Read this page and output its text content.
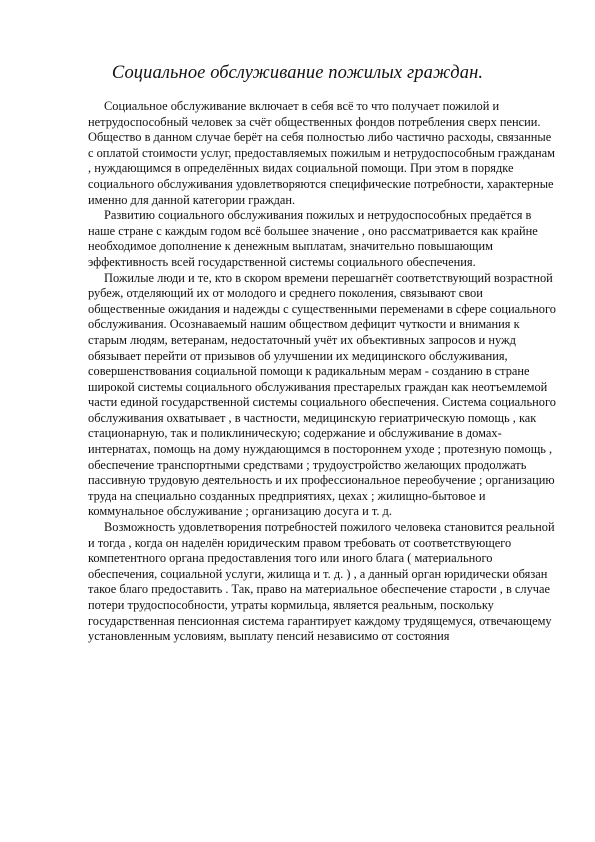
Социальное обслуживание пожилых граждан.

Социальное обслуживание включает в себя всё то что получает пожилой и нетрудоспособный человек за счёт общественных фондов потребления сверх пенсии. Общество в данном случае берёт на себя полностью либо частично расходы, связанные с оплатой стоимости услуг, предоставляемых пожилым и нетрудоспособным гражданам , нуждающимся в определённых видах социальной помощи. При этом в порядке социального обслуживания удовлетворяются специфические потребности, характерные именно для данной категории граждан.

Развитию социального обслуживания пожилых и нетрудоспособных предаётся в наше стране с каждым годом всё большее значение , оно рассматривается как крайне необходимое дополнение к денежным выплатам, значительно повышающим эффективность всей государственной системы социального обеспечения.

Пожилые люди и те, кто в скором времени перешагнёт соответствующий возрастной рубеж, отделяющий их от молодого и среднего поколения, связывают свои общественные ожидания и надежды с существенными переменами в сфере социального обслуживания. Осознаваемый нашим обществом дефицит чуткости и внимания к старым людям, ветеранам, недостаточный учёт их объективных запросов и нужд обязывает перейти от призывов об улучшении их медицинского обслуживания, совершенствования социальной помощи к радикальным мерам - созданию в стране широкой системы социального обслуживания престарелых граждан как неотъемлемой части единой государственной системы социального обеспечения. Система социального обслуживания охватывает , в частности, медицинскую гериатрическую помощь , как стационарную, так и поликлиническую; содержание и обслуживание в домах-интернатах, помощь на дому нуждающимся в постороннем уходе ; протезную помощь , обеспечение транспортными средствами ; трудоустройство желающих продолжать пассивную трудовую деятельность и их профессиональное переобучение ; организацию труда на специально созданных предприятиях, цехах ; жилищно-бытовое и коммунальное обслуживание ; организацию досуга и т. д.

Возможность удовлетворения потребностей пожилого человека становится реальной и тогда , когда он наделён юридическим правом требовать от соответствующего компетентного органа предоставления того или иного блага ( материального обеспечения, социальной услуги, жилища и т. д. ) , а данный орган юридически обязан такое благо предоставить . Так, право на материальное обеспечение старости , в случае потери трудоспособности, утраты кормильца, является реальным, поскольку государственная пенсионная система гарантирует каждому трудящемуся, отвечающему установленным условиям, выплату пенсий независимо от состояния
